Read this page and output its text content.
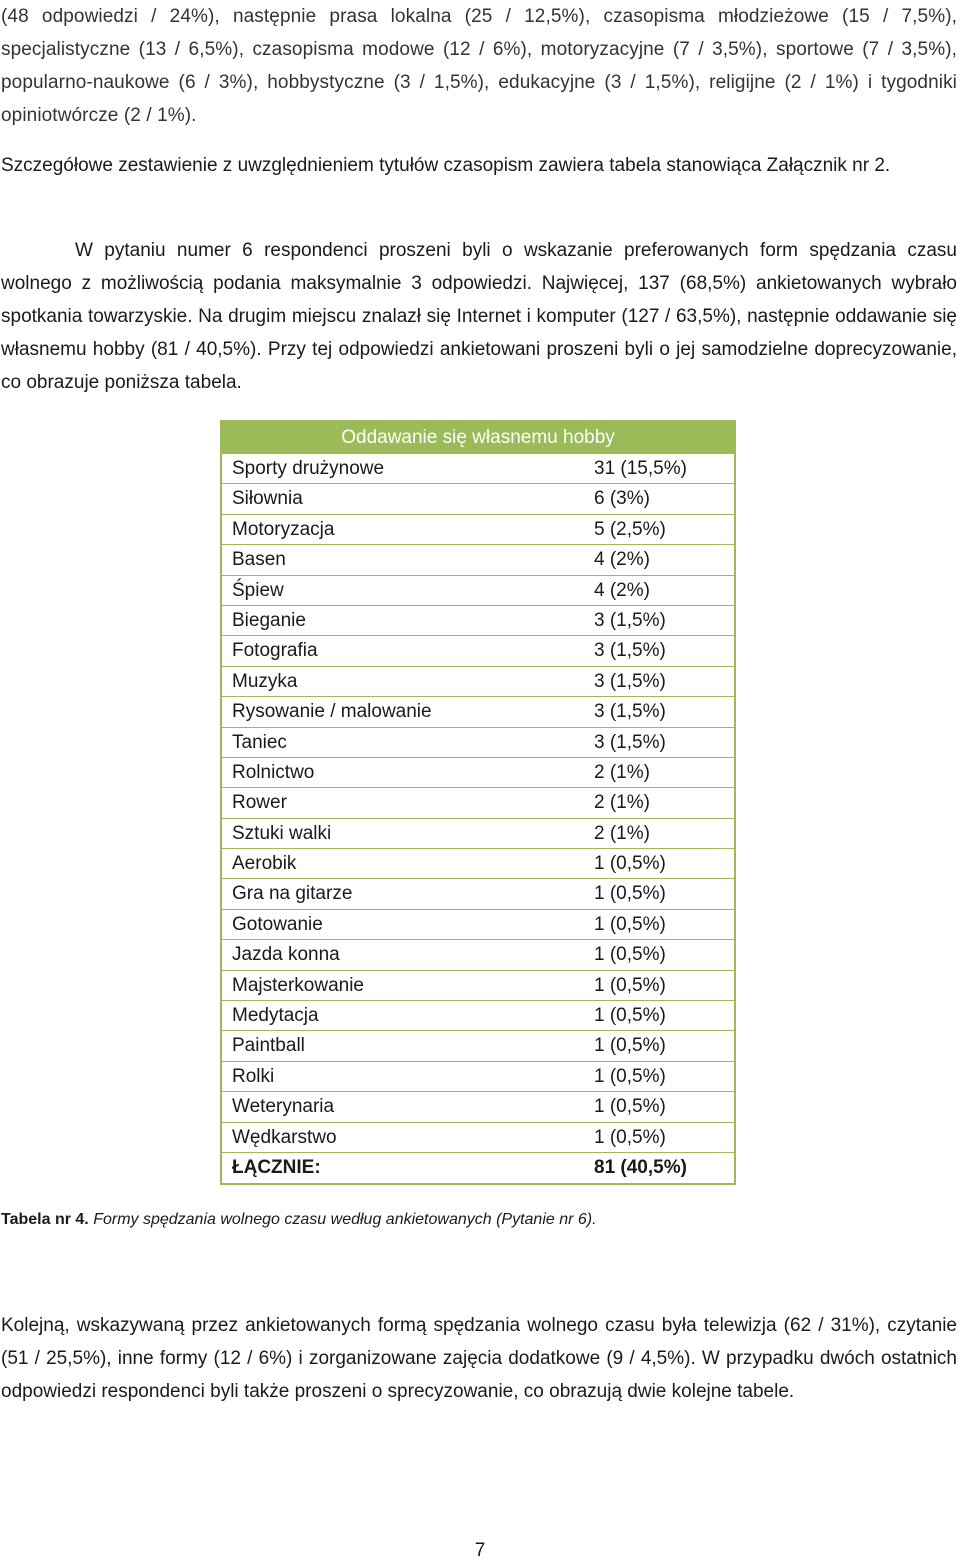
(48 odpowiedzi / 24%), następnie prasa lokalna (25 / 12,5%), czasopisma młodzieżowe (15 / 7,5%), specjalistyczne (13 / 6,5%), czasopisma modowe (12 / 6%), motoryzacyjne (7 / 3,5%), sportowe (7 / 3,5%), popularno-naukowe (6 / 3%), hobbystyczne (3 / 1,5%), edukacyjne (3 / 1,5%), religijne (2 / 1%) i tygodniki opiniotwórcze (2 / 1%).

Szczegółowe zestawienie z uwzględnieniem tytułów czasopism zawiera tabela stanowiąca Załącznik nr 2.

W pytaniu numer 6 respondenci proszeni byli o wskazanie preferowanych form spędzania czasu wolnego z możliwością podania maksymalnie 3 odpowiedzi. Najwięcej, 137 (68,5%) ankietowanych wybrało spotkania towarzyskie. Na drugim miejscu znalazł się Internet i komputer (127 / 63,5%), następnie oddawanie się własnemu hobby (81 / 40,5%). Przy tej odpowiedzi ankietowani proszeni byli o jej samodzielne doprecyzowanie, co obrazuje poniższa tabela.

Oddawanie się własnemu hobby
Sporty drużynowe	31 (15,5%)
Siłownia	6 (3%)
Motoryzacja	5 (2,5%)
Basen	4 (2%)
Śpiew	4 (2%)
Bieganie	3 (1,5%)
Fotografia	3 (1,5%)
Muzyka	3 (1,5%)
Rysowanie / malowanie	3 (1,5%)
Taniec	3 (1,5%)
Rolnictwo	2 (1%)
Rower	2 (1%)
Sztuki walki	2 (1%)
Aerobik	1 (0,5%)
Gra na gitarze	1 (0,5%)
Gotowanie	1 (0,5%)
Jazda konna	1 (0,5%)
Majsterkowanie	1 (0,5%)
Medytacja	1 (0,5%)
Paintball	1 (0,5%)
Rolki	1 (0,5%)
Weterynaria	1 (0,5%)
Wędkarstwo	1 (0,5%)
ŁĄCZNIE:	81 (40,5%)
Tabela nr 4. Formy spędzania wolnego czasu według ankietowanych (Pytanie nr 6).

Kolejną, wskazywaną przez ankietowanych formą spędzania wolnego czasu była telewizja (62 / 31%), czytanie (51 / 25,5%), inne formy (12 / 6%) i zorganizowane zajęcia dodatkowe (9 / 4,5%). W przypadku dwóch ostatnich odpowiedzi respondenci byli także proszeni o sprecyzowanie, co obrazują dwie kolejne tabele.

7
